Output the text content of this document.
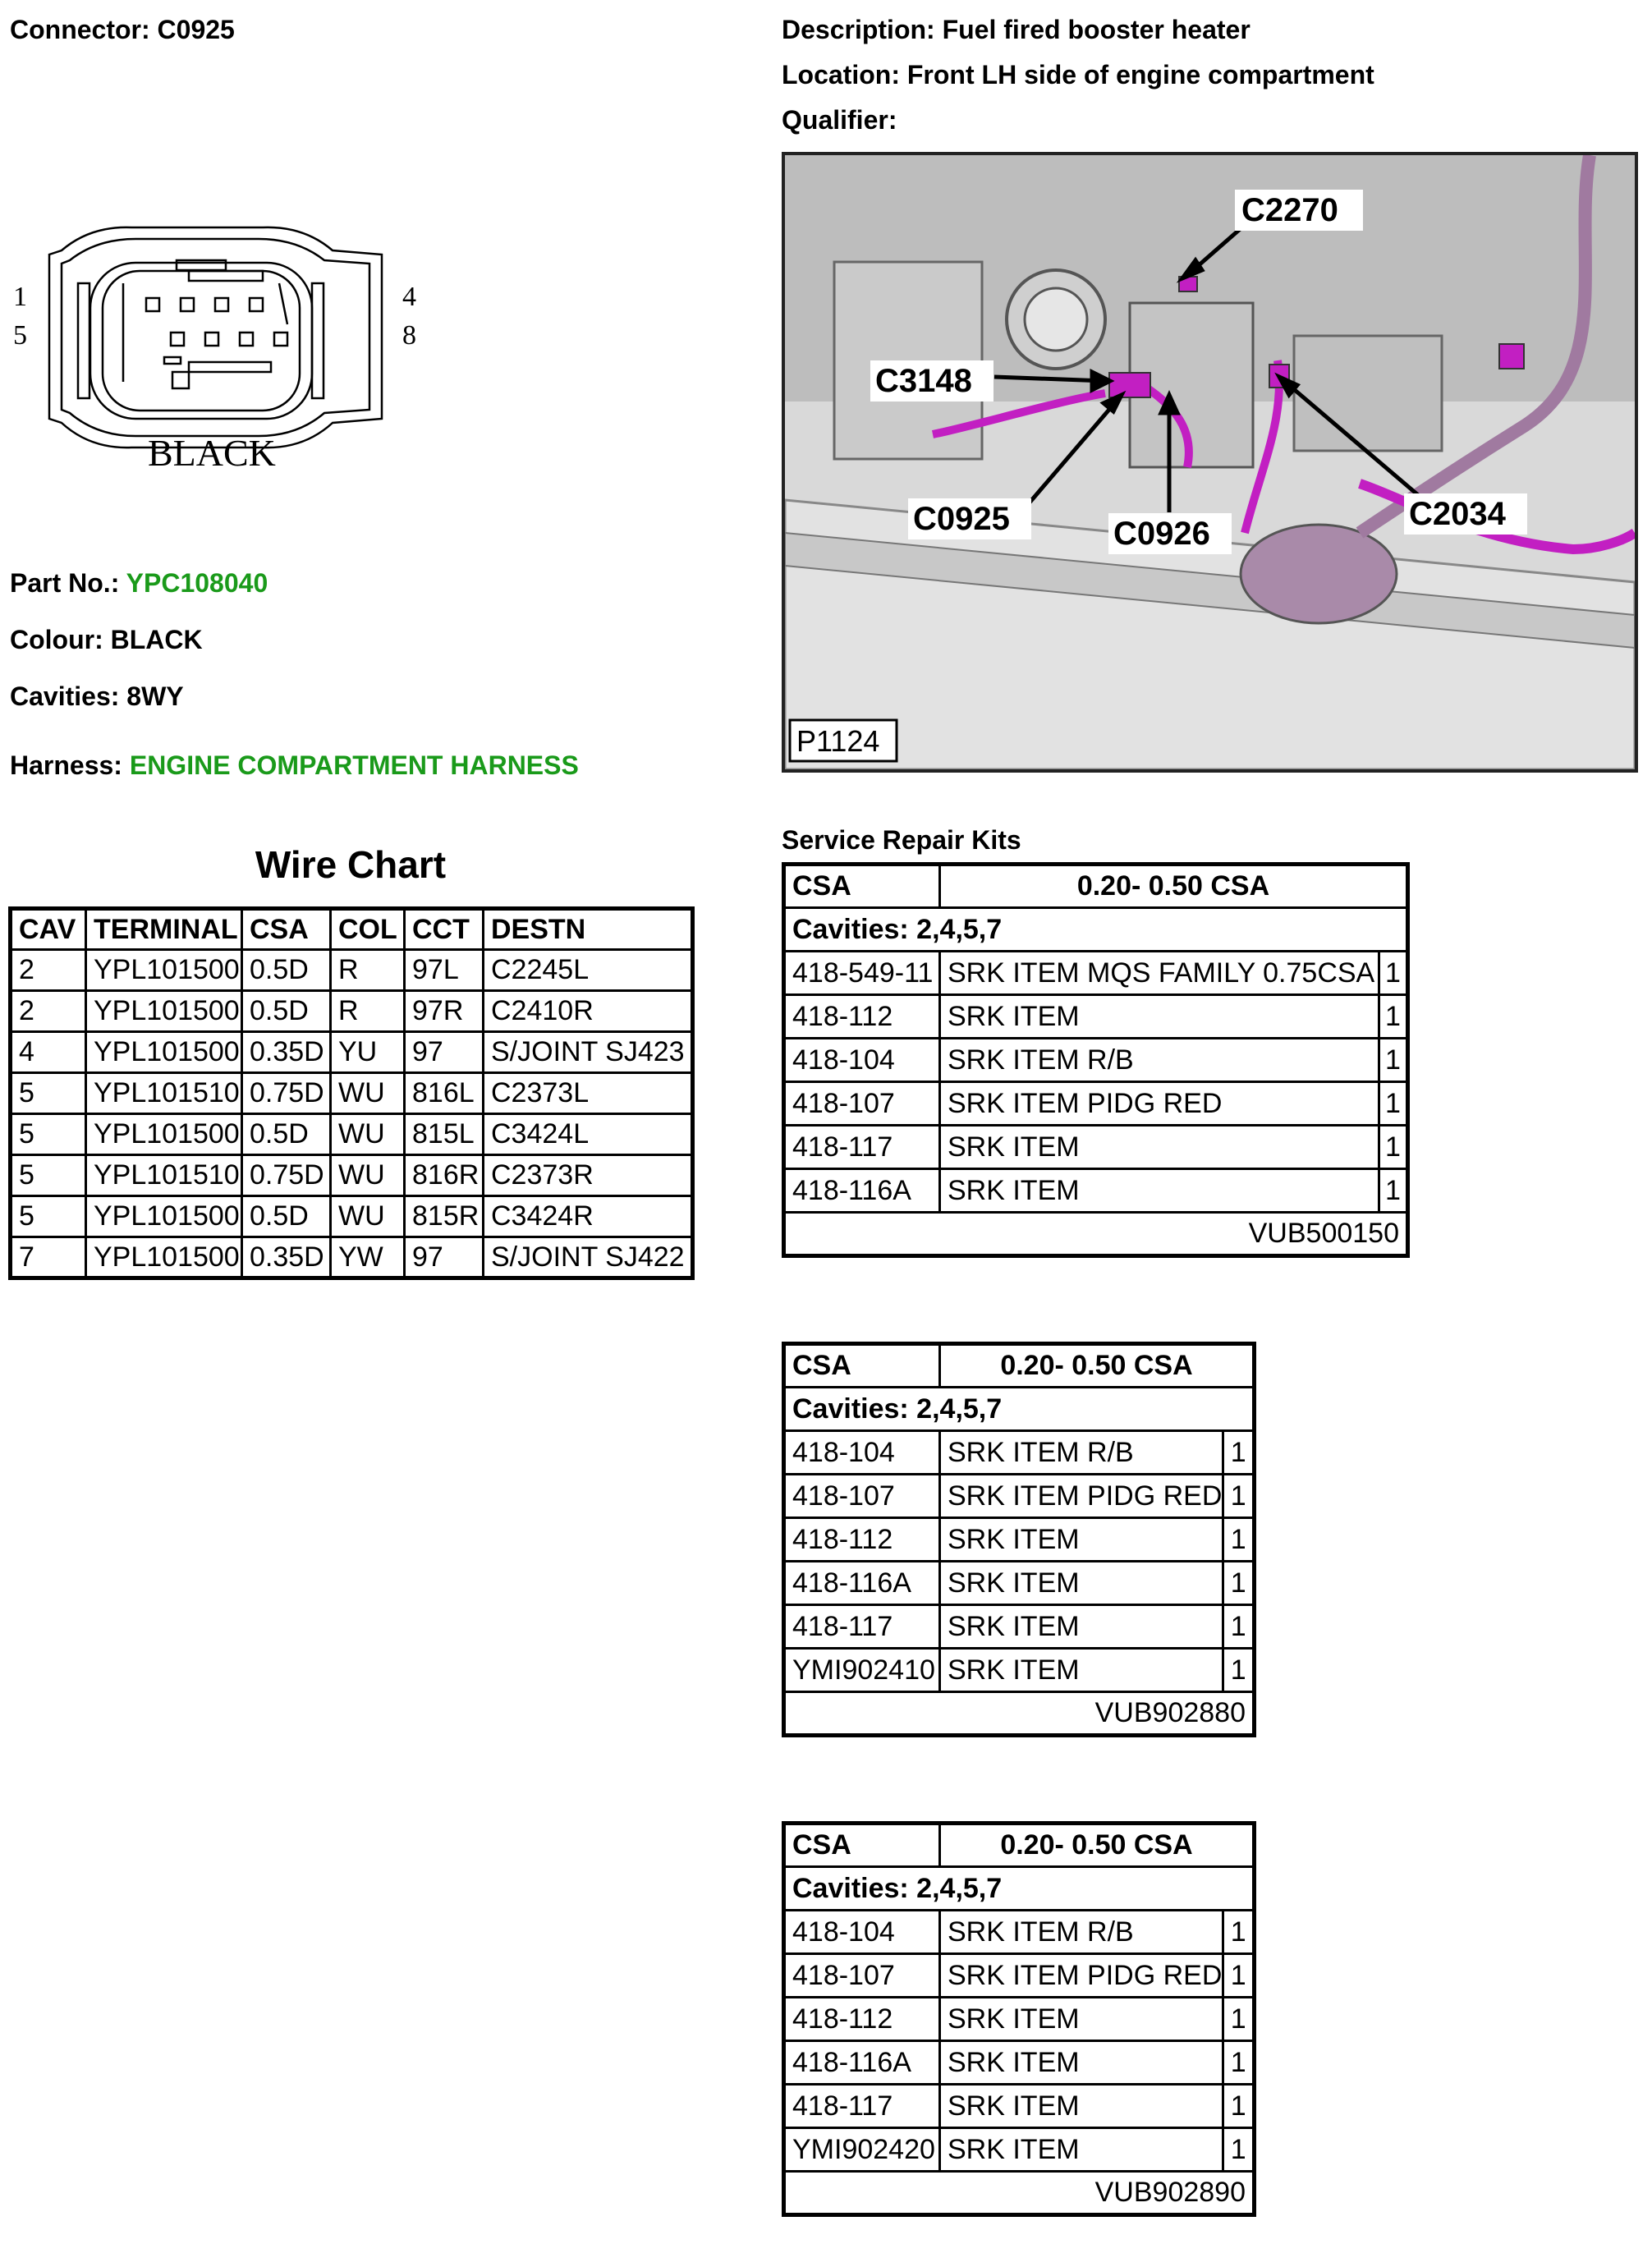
Connector: C0925	Description: Fuel fired booster heater
Location: Front LH side of engine compartment
Qualifier:
1
5
4
8
BLACK
Part No.: YPC108040
Colour: BLACK
Cavities: 8WY
Harness: ENGINE COMPARTMENT HARNESS
C2270
C3148
C0925	C0926
C2034
P1124
Wire Chart
CAV	TERMINAL	CSA	COL	CCT	DESTN
2	YPL101500	0.5D	R	97L	C2245L
2	YPL101500	0.5D	R	97R	C2410R
4	YPL101500	0.35D	YU	97	S/JOINT SJ423
5	YPL101510	0.75D	WU	816L	C2373L
5	YPL101500	0.5D	WU	815L	C3424L
5	YPL101510	0.75D	WU	816R	C2373R
5	YPL101500	0.5D	WU	815R	C3424R
7	YPL101500	0.35D	YW	97	S/JOINT SJ422
Service Repair Kits
CSA	0.20- 0.50 CSA	
Cavities: 2,4,5,7		
418-549-11	SRK ITEM MQS FAMILY 0.75CSA	1
418-112	SRK ITEM	1
418-104	SRK ITEM R/B	1
418-107	SRK ITEM PIDG RED	1
418-117	SRK ITEM	1
418-116A	SRK ITEM	1
VUB500150		
CSA	0.20- 0.50 CSA	
Cavities: 2,4,5,7		
418-104	SRK ITEM R/B	1
418-107	SRK ITEM PIDG RED	1
418-112	SRK ITEM	1
418-116A	SRK ITEM	1
418-117	SRK ITEM	1
YMI902410	SRK ITEM	1
VUB902880		
CSA	0.20- 0.50 CSA	
Cavities: 2,4,5,7		
418-104	SRK ITEM R/B	1
418-107	SRK ITEM PIDG RED	1
418-112	SRK ITEM	1
418-116A	SRK ITEM	1
418-117	SRK ITEM	1
YMI902420	SRK ITEM	1
VUB902890		
